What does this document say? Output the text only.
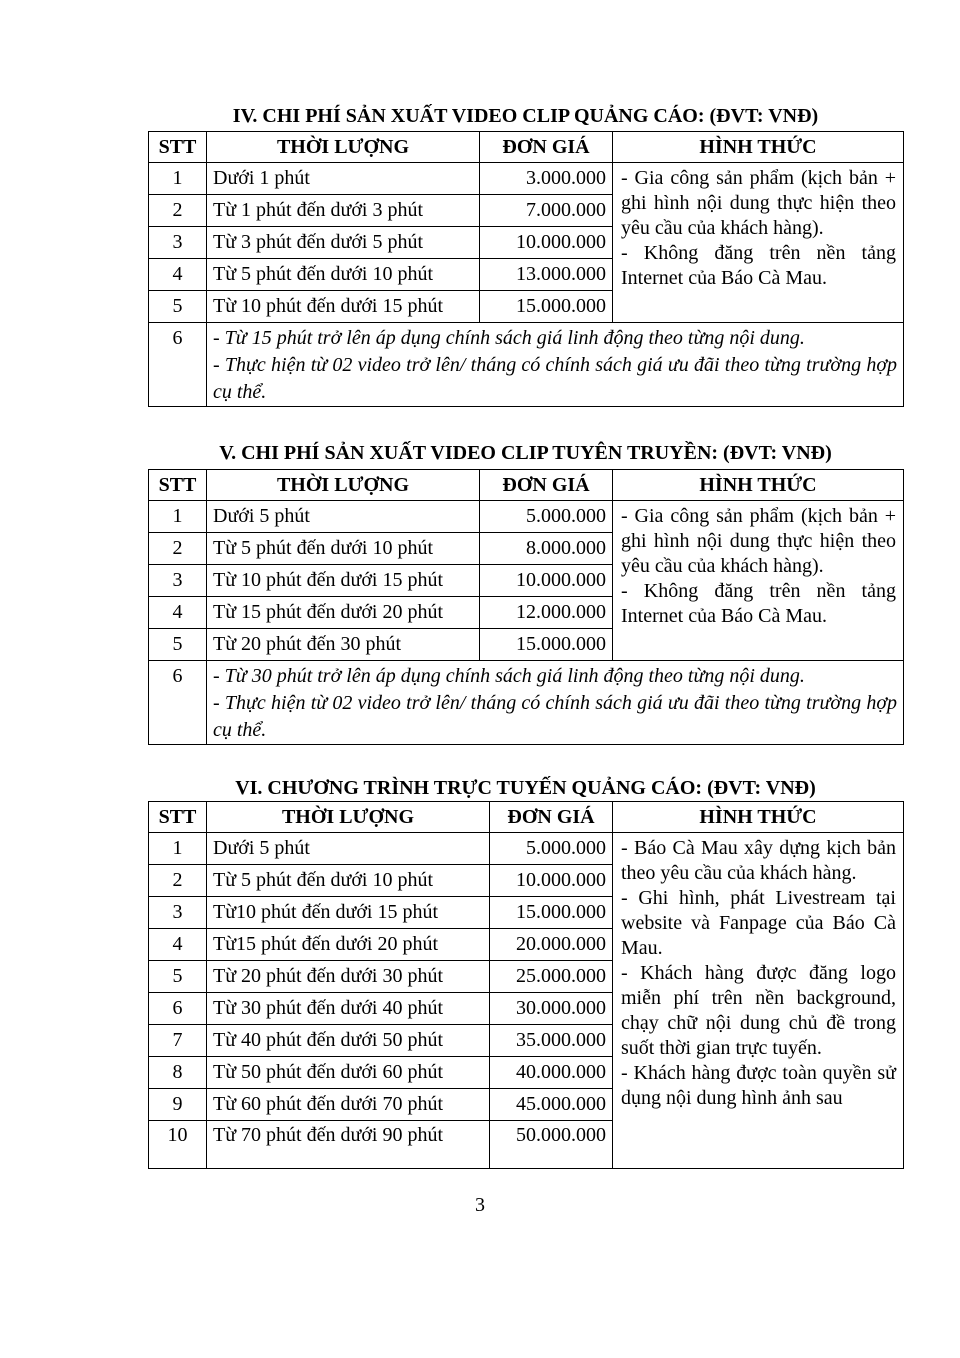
IV. CHI PHÍ SẢN XUẤT VIDEO CLIP QUẢNG CÁO: (ĐVT: VNĐ)
STT	THỜI LƯỢNG	ĐƠN GIÁ	HÌNH THỨC
1	Dưới 1 phút	3.000.000	- Gia công sản phẩm (kịch bản + ghi hình nội dung thực hiện theo yêu cầu của khách hàng).
- Không đăng trên nền tảng Internet của Báo Cà Mau.

2	Từ 1 phút đến dưới 3 phút	7.000.000	
3	Từ 3 phút đến dưới 5 phút	10.000.000	
4	Từ 5 phút đến dưới 10 phút	13.000.000	
5	Từ 10 phút đến dưới 15 phút	15.000.000	
6	- Từ 15 phút trở lên áp dụng chính sách giá linh động theo từng nội dung.
- Thực hiện từ 02 video trở lên/ tháng có chính sách giá ưu đãi theo từng trường hợp cụ thể.		
V. CHI PHÍ SẢN XUẤT VIDEO CLIP TUYÊN TRUYỀN: (ĐVT: VNĐ)
STT	THỜI LƯỢNG	ĐƠN GIÁ	HÌNH THỨC
1	Dưới 5 phút	5.000.000	- Gia công sản phẩm (kịch bản + ghi hình nội dung thực hiện theo yêu cầu của khách hàng).
- Không đăng trên nền tảng Internet của Báo Cà Mau.

2	Từ 5 phút đến dưới 10 phút	8.000.000	
3	Từ 10 phút đến dưới 15 phút	10.000.000	
4	Từ 15 phút đến dưới 20 phút	12.000.000	
5	Từ 20 phút đến 30 phút	15.000.000	
6	- Từ 30 phút trở lên áp dụng chính sách giá linh động theo từng nội dung.
- Thực hiện từ 02 video trở lên/ tháng có chính sách giá ưu đãi theo từng trường hợp cụ thể.		
VI. CHƯƠNG TRÌNH TRỰC TUYẾN QUẢNG CÁO: (ĐVT: VNĐ)
STT	THỜI LƯỢNG	ĐƠN GIÁ	HÌNH THỨC
1	Dưới 5 phút	5.000.000	- Báo Cà Mau xây dựng kịch bản theo yêu cầu của khách hàng.
- Ghi hình, phát Livestream tại website và Fanpage của Báo Cà Mau.
- Khách hàng được đăng logo miễn phí trên nền background, chạy chữ nội dung chủ đề trong suốt thời gian trực tuyến.
- Khách hàng được toàn quyền sử dụng nội dung hình ảnh sau

2	Từ 5 phút đến dưới 10 phút	10.000.000	
3	Từ10 phút đến dưới 15 phút	15.000.000	
4	Từ15 phút đến dưới 20 phút	20.000.000	
5	Từ 20 phút đến dưới 30 phút	25.000.000	
6	Từ 30 phút đến dưới 40 phút	30.000.000	
7	Từ 40 phút đến dưới 50 phút	35.000.000	
8	Từ 50 phút đến dưới 60 phút	40.000.000	
9	Từ 60 phút đến dưới 70 phút	45.000.000	
10	Từ 70 phút đến dưới 90 phút	50.000.000	
3
